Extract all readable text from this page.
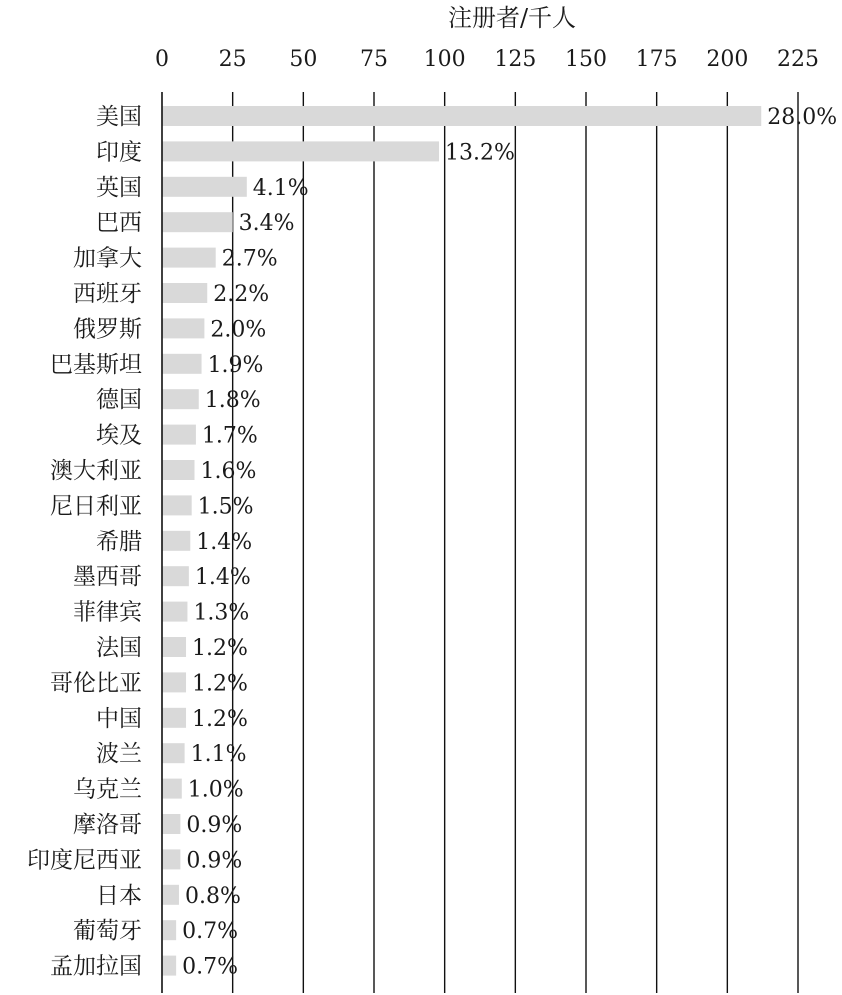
注册者/千人
0 25 50 75 100 125 150 175 200 225
美国
印度
英国
巴西
加拿大
西班牙
俄罗斯
巴基斯坦
德国
埃及
澳大利亚
尼日利亚
希腊
墨西哥
菲律宾
法国
哥伦比亚
中国
波兰
乌克兰
摩洛哥
印度尼西亚
日本
葡萄牙
孟加拉国
28.0%
13.2%
4.1%
3.4%
2.7%
2.2%
2.0%
1.9%
1.8%
1.7%
1.6%
1.5%
1.4%
1.4%
1.3%
1.2%
1.2%
1.2%
1.1%
1.0%
0.9%
0.9%
0.8%
0.7%
0.7%
